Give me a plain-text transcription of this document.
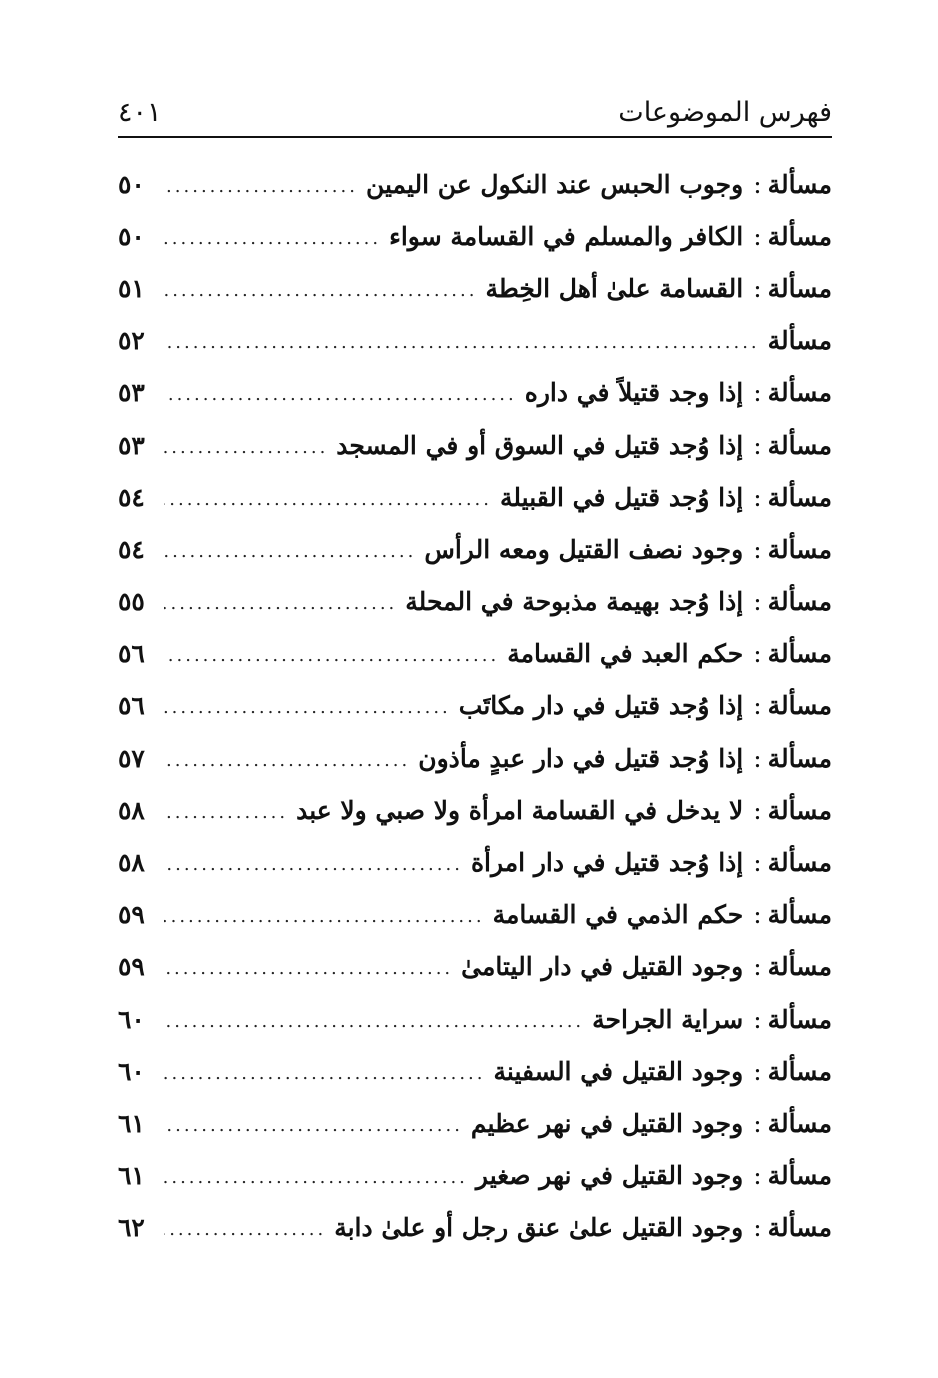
فهرس الموضوعات
٤٠١
مسألة:وجوب الحبس عند النكول عن اليمين
.....
٥٠
مسألة:الكافر والمسلم في القسامة سواء
.....
٥٠
مسألة:القسامة علىٰ أهل الخِطة
.....
٥١
مسألة
.....
٥٢
مسألة:إذا وجد قتيلاً في داره
.....
٥٣
مسألة:إذا وُجد قتيل في السوق أو في المسجد
.....
٥٣
مسألة:إذا وُجد قتيل في القبيلة
.....
٥٤
مسألة:وجود نصف القتيل ومعه الرأس
.....
٥٤
مسألة:إذا وُجد بهيمة مذبوحة في المحلة
.....
٥٥
مسألة:حكم العبد في القسامة
.....
٥٦
مسألة:إذا وُجد قتيل في دار مكاتَب
.....
٥٦
مسألة:إذا وُجد قتيل في دار عبدٍ مأذون
.....
٥٧
مسألة:لا يدخل في القسامة امرأة ولا صبي ولا عبد
.....
٥٨
مسألة:إذا وُجد قتيل في دار امرأة
.....
٥٨
مسألة:حكم الذمي في القسامة
.....
٥٩
مسألة:وجود القتيل في دار اليتامىٰ
.....
٥٩
مسألة:سراية الجراحة
.....
٦٠
مسألة:وجود القتيل في السفينة
.....
٦٠
مسألة:وجود القتيل في نهر عظيم
.....
٦١
مسألة:وجود القتيل في نهر صغير
.....
٦١
مسألة:وجود القتيل علىٰ عنق رجل أو علىٰ دابة
.....
٦٢
